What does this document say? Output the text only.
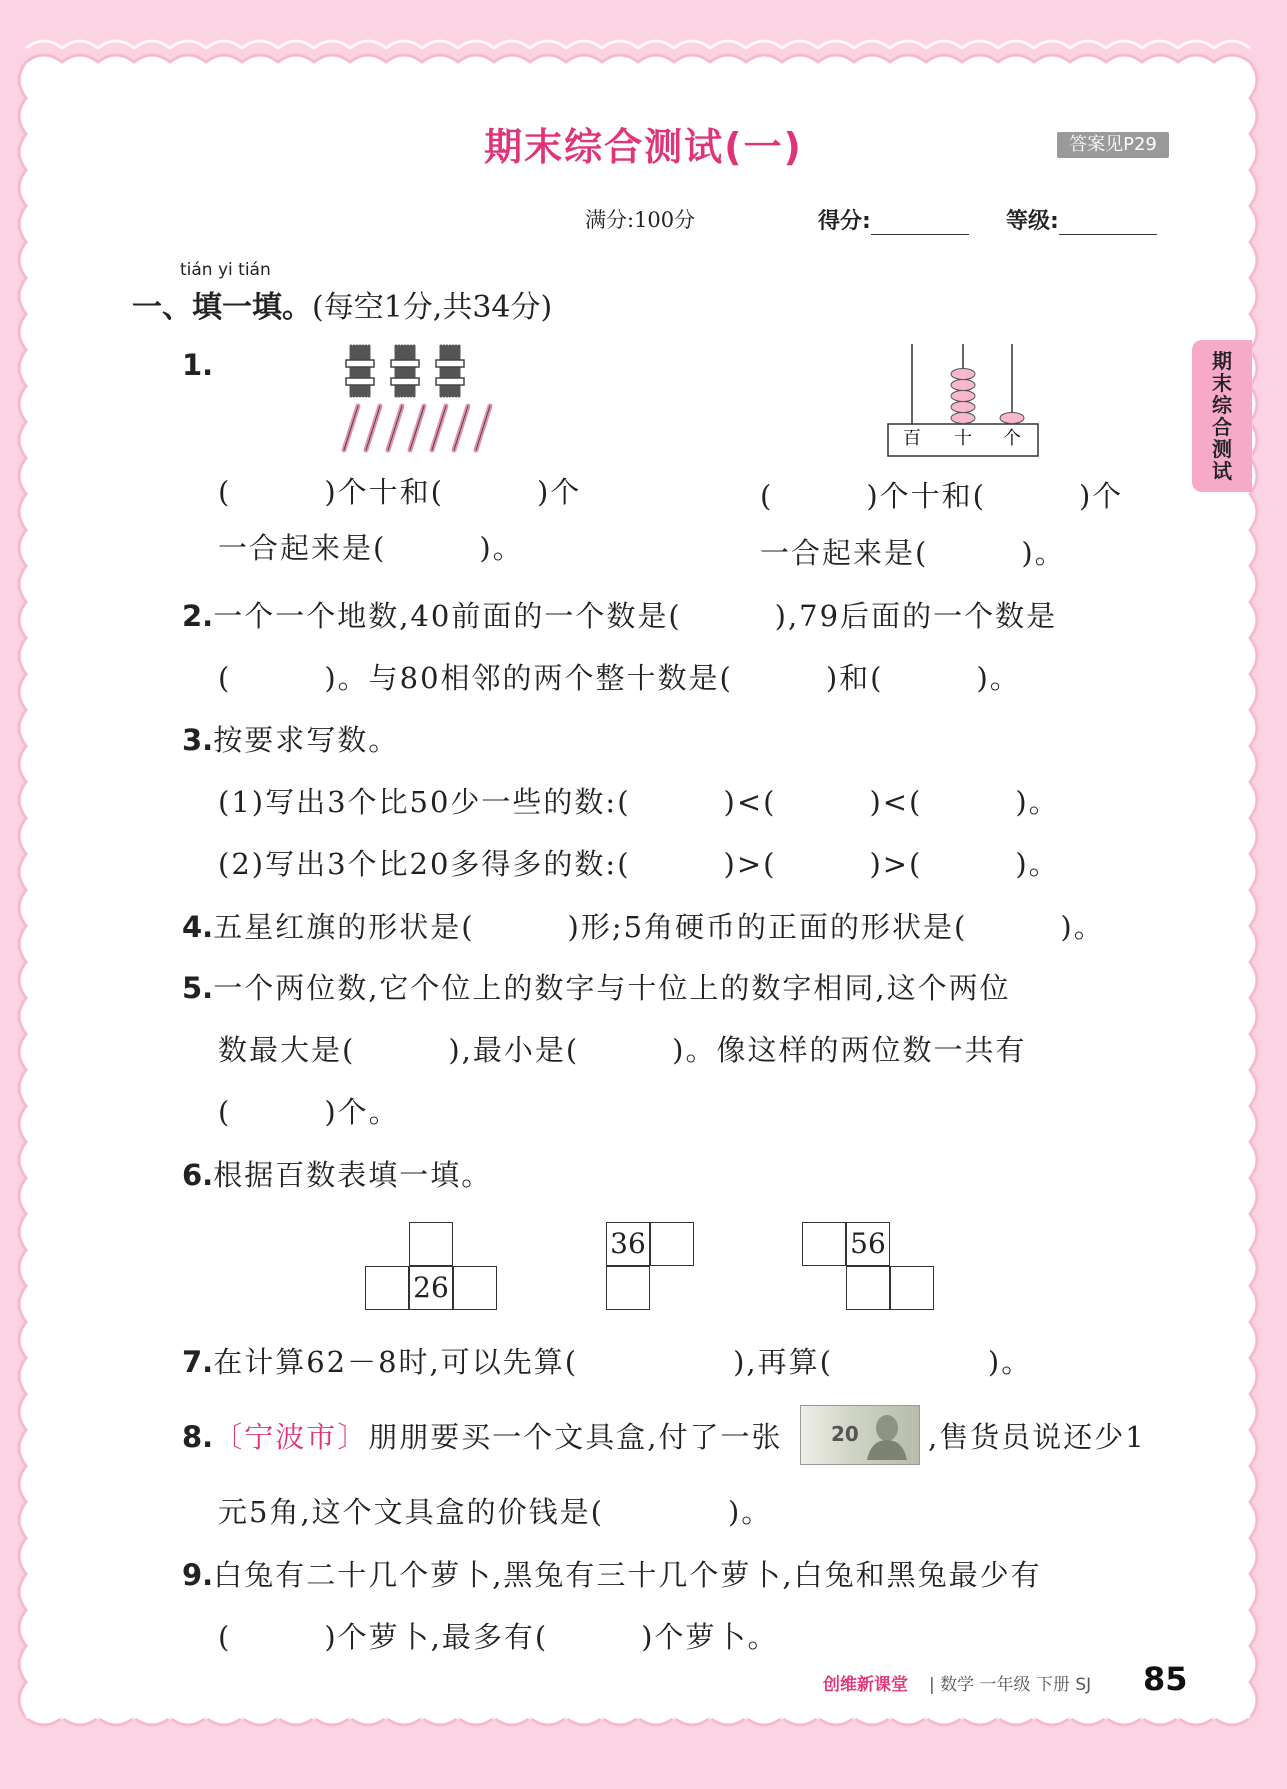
期末综合测试(一)	答案见P29
满分:100分	得分:	等级:
期
末
综
合
测
试
tián yi tián
一、填一填。(每空1分,共34分)
1.
百 十 个
(　　　)个十和(　　　)个
一合起来是(　　　)。
(　　　)个十和(　　　)个
一合起来是(　　　)。
2.一个一个地数,40前面的一个数是(　　　),79后面的一个数是
(　　　)。与80相邻的两个整十数是(　　　)和(　　　)。
3.按要求写数。
(1)写出3个比50少一些的数:(　　　)<(　　　)<(　　　)。
(2)写出3个比20多得多的数:(　　　)>(　　　)>(　　　)。
4.五星红旗的形状是(　　　)形;5角硬币的正面的形状是(　　　)。
5.一个两位数,它个位上的数字与十位上的数字相同,这个两位
数最大是(　　　),最小是(　　　)。像这样的两位数一共有
(　　　)个。
6.根据百数表填一填。
26
36	56
7.在计算62－8时,可以先算(　　　　　),再算(　　　　　)。
8.〔宁波市〕朋朋要买一个文具盒,付了一张 20 ,售货员说还少1
元5角,这个文具盒的价钱是(　　　　)。
9.白兔有二十几个萝卜,黑兔有三十几个萝卜,白兔和黑兔最少有
(　　　)个萝卜,最多有(　　　)个萝卜。
创维新课堂 | 数学 一年级 下册 SJ 85
